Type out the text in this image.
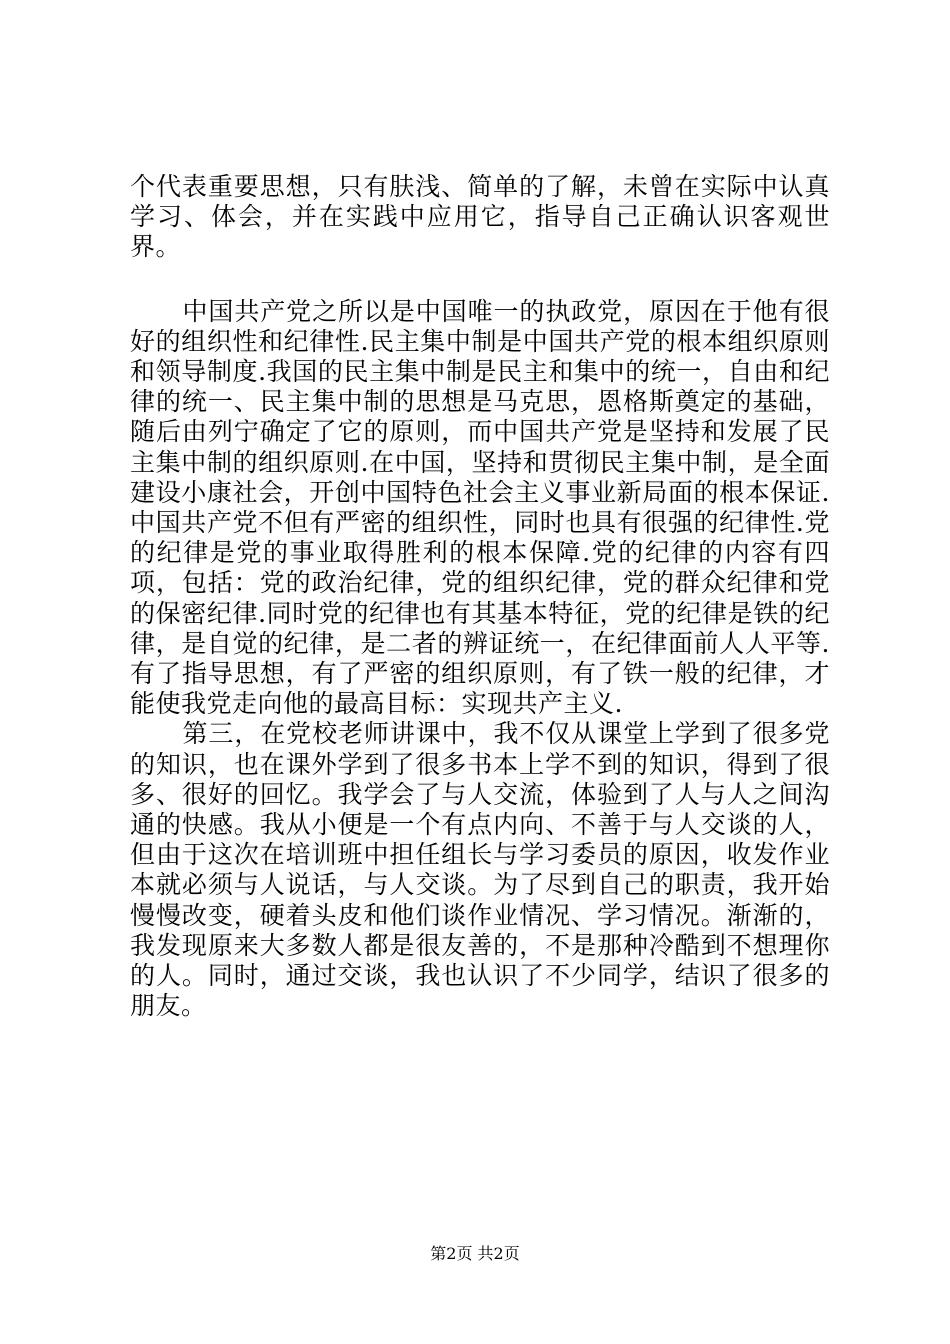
个代表重要思想，只有肤浅、简单的了解，未曾在实际中认真学习、体会，并在实践中应用它，指导自己正确认识客观世界。

中国共产党之所以是中国唯一的执政党，原因在于他有很好的组织性和纪律性.民主集中制是中国共产党的根本组织原则和领导制度.我国的民主集中制是民主和集中的统一，自由和纪律的统一、民主集中制的思想是马克思，恩格斯奠定的基础，随后由列宁确定了它的原则，而中国共产党是坚持和发展了民主集中制的组织原则.在中国，坚持和贯彻民主集中制，是全面建设小康社会，开创中国特色社会主义事业新局面的根本保证.中国共产党不但有严密的组织性，同时也具有很强的纪律性.党的纪律是党的事业取得胜利的根本保障.党的纪律的内容有四项，包括：党的政治纪律，党的组织纪律，党的群众纪律和党的保密纪律.同时党的纪律也有其基本特征，党的纪律是铁的纪律，是自觉的纪律，是二者的辨证统一，在纪律面前人人平等.有了指导思想，有了严密的组织原则，有了铁一般的纪律，才能使我党走向他的最高目标：实现共产主义.

第三，在党校老师讲课中，我不仅从课堂上学到了很多党的知识，也在课外学到了很多书本上学不到的知识，得到了很多、很好的回忆。我学会了与人交流，体验到了人与人之间沟通的快感。我从小便是一个有点内向、不善于与人交谈的人，但由于这次在培训班中担任组长与学习委员的原因，收发作业本就必须与人说话，与人交谈。为了尽到自己的职责，我开始慢慢改变，硬着头皮和他们谈作业情况、学习情况。渐渐的，我发现原来大多数人都是很友善的，不是那种冷酷到不想理你的人。同时，通过交谈，我也认识了不少同学，结识了很多的朋友。

第2页 共2页
